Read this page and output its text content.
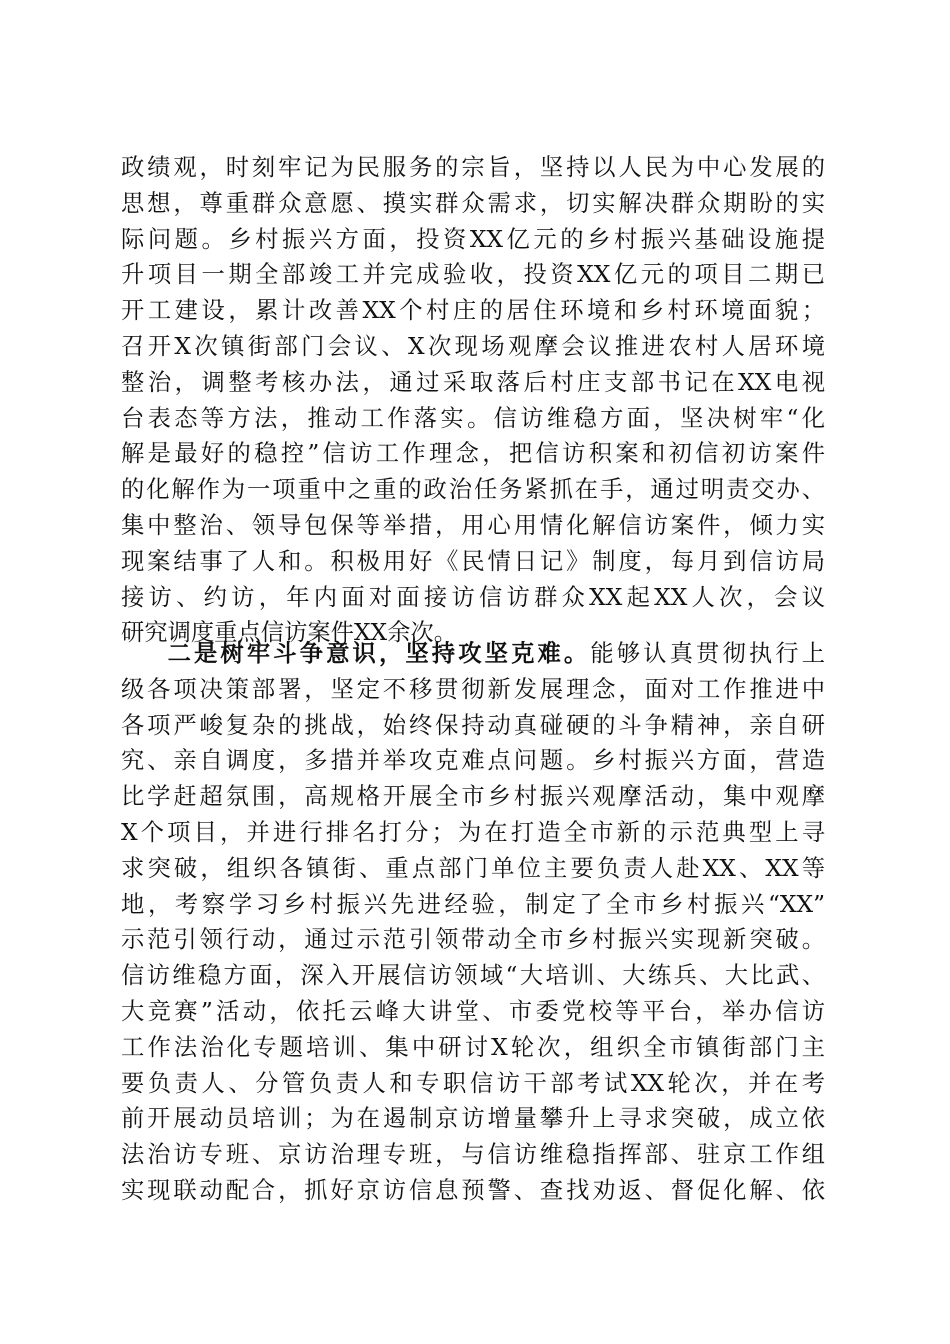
政绩观，时刻牢记为民服务的宗旨，坚持以人民为中心发展的
思想，尊重群众意愿、摸实群众需求，切实解决群众期盼的实
际问题。乡村振兴方面，投资XX亿元的乡村振兴基础设施提
升项目一期全部竣工并完成验收，投资XX亿元的项目二期已
开工建设，累计改善XX个村庄的居住环境和乡村环境面貌；
召开X次镇街部门会议、X次现场观摩会议推进农村人居环境
整治，调整考核办法，通过采取落后村庄支部书记在XX电视
台表态等方法，推动工作落实。信访维稳方面，坚决树牢“化
解是最好的稳控”信访工作理念，把信访积案和初信初访案件
的化解作为一项重中之重的政治任务紧抓在手，通过明责交办、
集中整治、领导包保等举措，用心用情化解信访案件，倾力实
现案结事了人和。积极用好《民情日记》制度，每月到信访局
接访、约访，年内面对面接访信访群众XX起XX人次，会议
研究调度重点信访案件XX余次。
二是树牢斗争意识，坚持攻坚克难。能够认真贯彻执行上
级各项决策部署，坚定不移贯彻新发展理念，面对工作推进中
各项严峻复杂的挑战，始终保持动真碰硬的斗争精神，亲自研
究、亲自调度，多措并举攻克难点问题。乡村振兴方面，营造
比学赶超氛围，高规格开展全市乡村振兴观摩活动，集中观摩
X个项目，并进行排名打分；为在打造全市新的示范典型上寻
求突破，组织各镇街、重点部门单位主要负责人赴XX、XX等
地，考察学习乡村振兴先进经验，制定了全市乡村振兴“XX”
示范引领行动，通过示范引领带动全市乡村振兴实现新突破。
信访维稳方面，深入开展信访领域“大培训、大练兵、大比武、
大竞赛”活动，依托云峰大讲堂、市委党校等平台，举办信访
工作法治化专题培训、集中研讨X轮次，组织全市镇街部门主
要负责人、分管负责人和专职信访干部考试XX轮次，并在考
前开展动员培训；为在遏制京访增量攀升上寻求突破，成立依
法治访专班、京访治理专班，与信访维稳指挥部、驻京工作组
实现联动配合，抓好京访信息预警、查找劝返、督促化解、依
